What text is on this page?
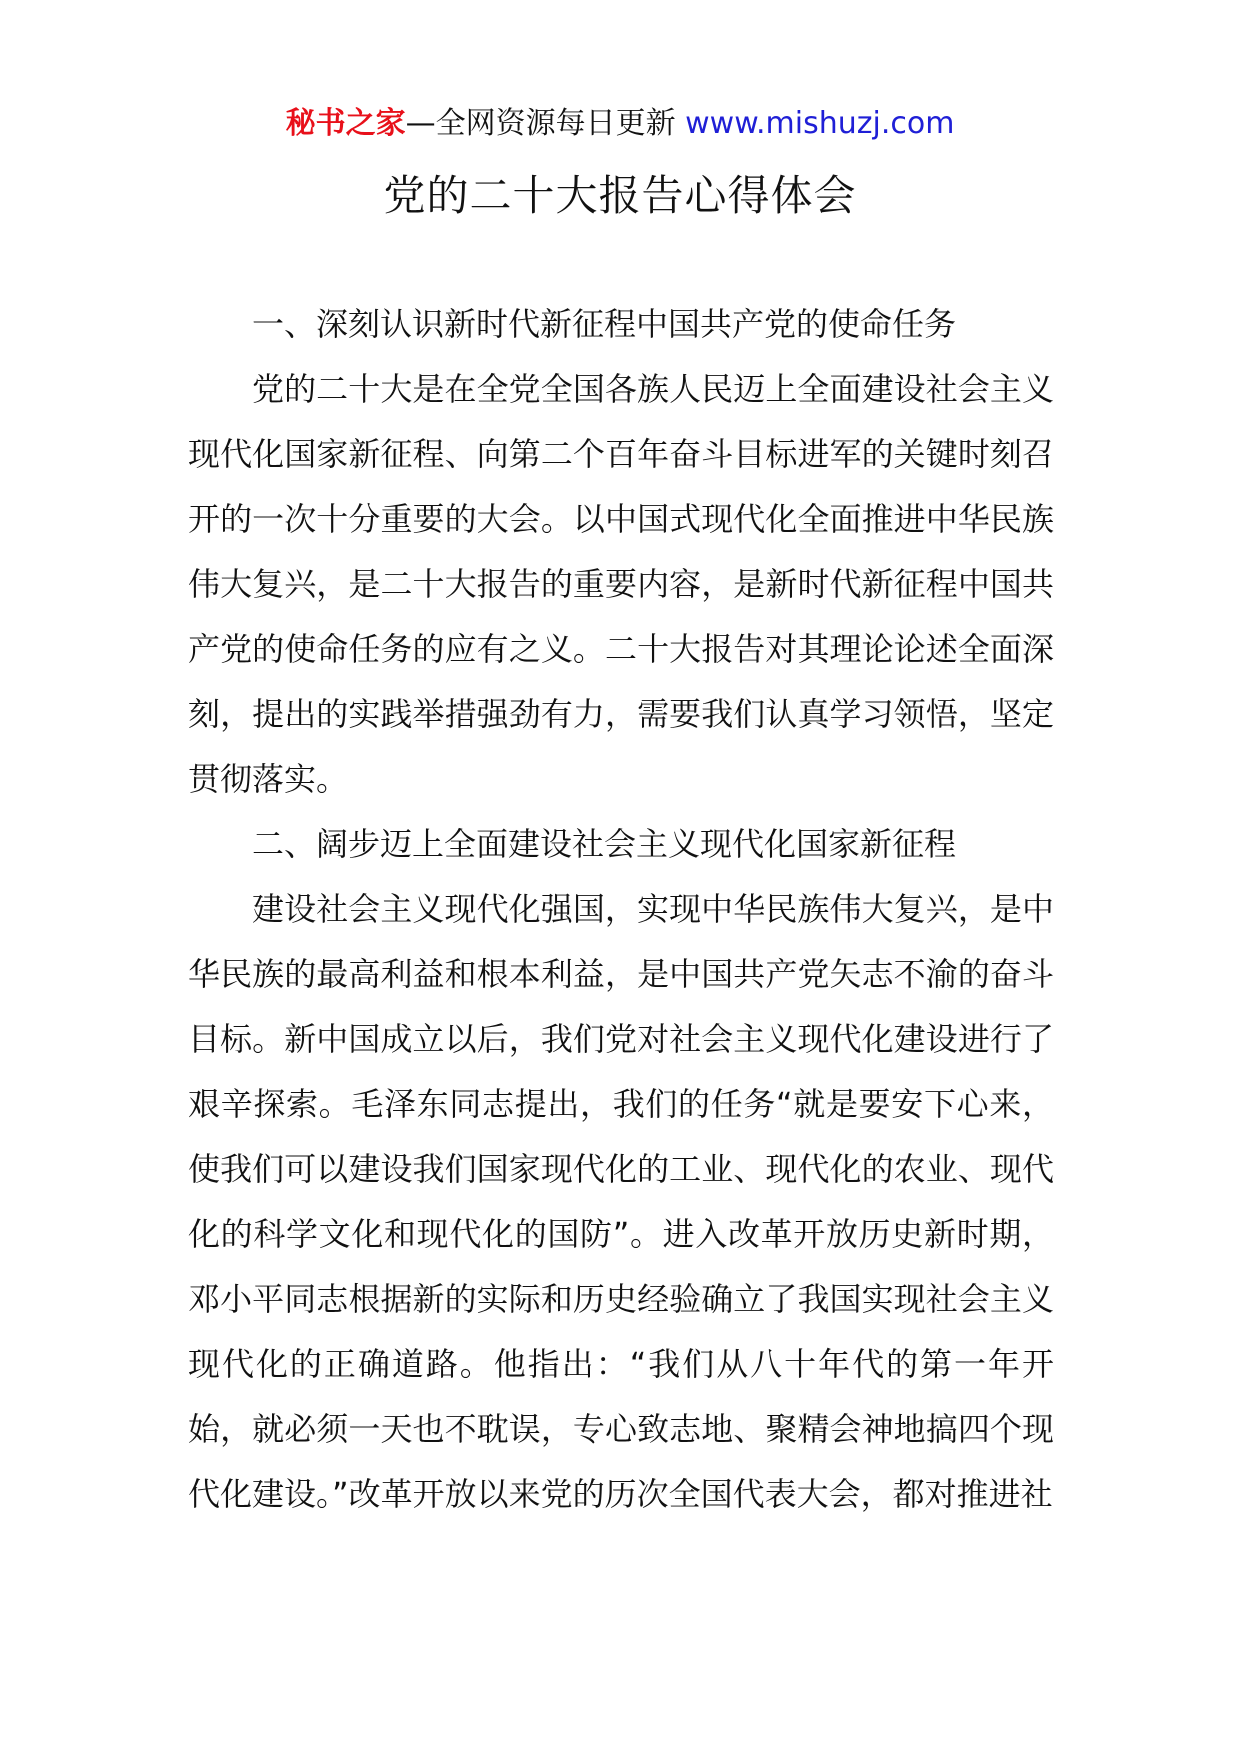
秘书之家—全网资源每日更新 www.mishuzj.com
党的二十大报告心得体会
一、深刻认识新时代新征程中国共产党的使命任务

党的二十大是在全党全国各族人民迈上全面建设社会主义现代化国家新征程、向第二个百年奋斗目标进军的关键时刻召开的一次十分重要的大会。以中国式现代化全面推进中华民族伟大复兴，是二十大报告的重要内容，是新时代新征程中国共产党的使命任务的应有之义。二十大报告对其理论论述全面深刻，提出的实践举措强劲有力，需要我们认真学习领悟，坚定贯彻落实。

二、阔步迈上全面建设社会主义现代化国家新征程

建设社会主义现代化强国，实现中华民族伟大复兴，是中华民族的最高利益和根本利益，是中国共产党矢志不渝的奋斗目标。新中国成立以后，我们党对社会主义现代化建设进行了艰辛探索。毛泽东同志提出，我们的任务“就是要安下心来，使我们可以建设我们国家现代化的工业、现代化的农业、现代化的科学文化和现代化的国防”。进入改革开放历史新时期，邓小平同志根据新的实际和历史经验确立了我国实现社会主义现代化的正确道路。他指出：“我们从八十年代的第一年开始，就必须一天也不耽误，专心致志地、聚精会神地搞四个现代化建设。”改革开放以来党的历次全国代表大会，都对推进社
